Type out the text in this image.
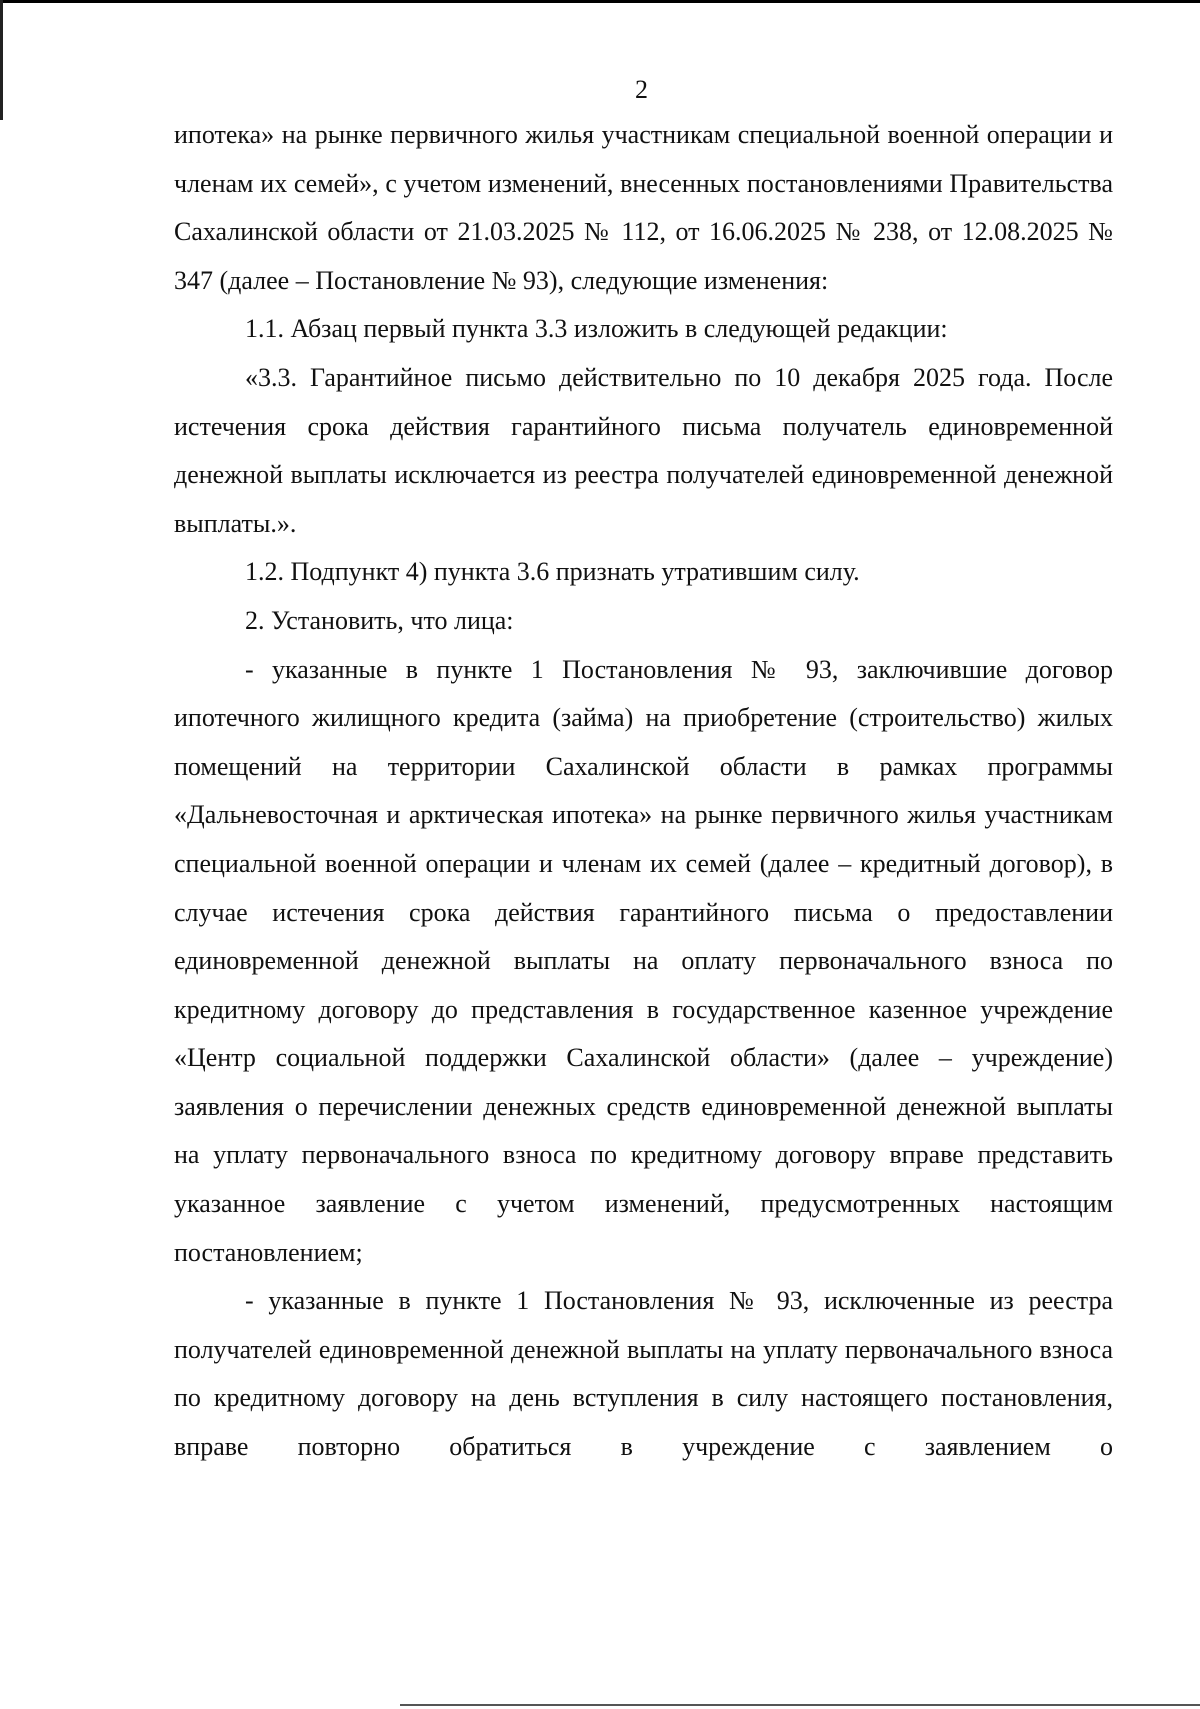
2

ипотека» на рынке первичного жилья участникам специальной военной операции и членам их семей», с учетом изменений, внесенных постановлениями Правительства Сахалинской области от 21.03.2025 № 112, от 16.06.2025 № 238, от 12.08.2025 № 347 (далее – Постановление № 93), следующие изменения:

1.1. Абзац первый пункта 3.3 изложить в следующей редакции:

«3.3. Гарантийное письмо действительно по 10 декабря 2025 года. После истечения срока действия гарантийного письма получатель единовременной денежной выплаты исключается из реестра получателей единовременной денежной выплаты.».

1.2. Подпункт 4) пункта 3.6 признать утратившим силу.

2. Установить, что лица:

- указанные в пункте 1 Постановления № 93, заключившие договор ипотечного жилищного кредита (займа) на приобретение (строительство) жилых помещений на территории Сахалинской области в рамках программы «Дальневосточная и арктическая ипотека» на рынке первичного жилья участникам специальной военной операции и членам их семей (далее – кредитный договор), в случае истечения срока действия гарантийного письма о предоставлении единовременной денежной выплаты на оплату первоначального взноса по кредитному договору до представления в государственное казенное учреждение «Центр социальной поддержки Сахалинской области» (далее – учреждение) заявления о перечислении денежных средств единовременной денежной выплаты на уплату первоначального взноса по кредитному договору вправе представить указанное заявление с учетом изменений, предусмотренных настоящим постановлением;

- указанные в пункте 1 Постановления № 93, исключенные из реестра получателей единовременной денежной выплаты на уплату первоначального взноса по кредитному договору на день вступления в силу настоящего постановления, вправе повторно обратиться в учреждение с заявлением о
